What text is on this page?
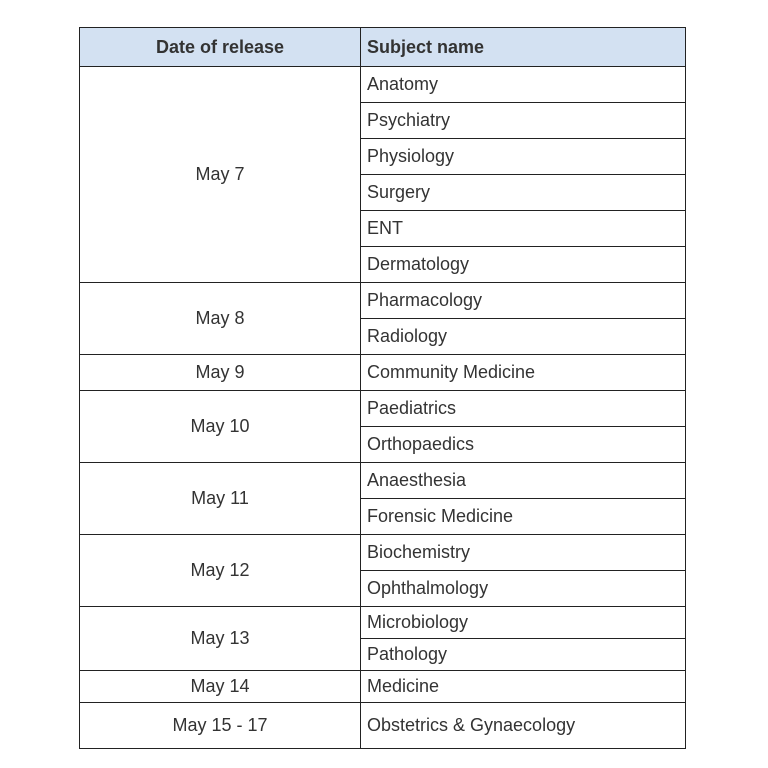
Date of release	Subject name
May 7	Anatomy
	Psychiatry
	Physiology
	Surgery
	ENT
	Dermatology
May 8	Pharmacology
	Radiology
May 9	Community Medicine
May 10	Paediatrics
	Orthopaedics
May 11	Anaesthesia
	Forensic Medicine
May 12	Biochemistry
	Ophthalmology
May 13	Microbiology
	Pathology
May 14	Medicine
May 15 - 17	Obstetrics & Gynaecology
